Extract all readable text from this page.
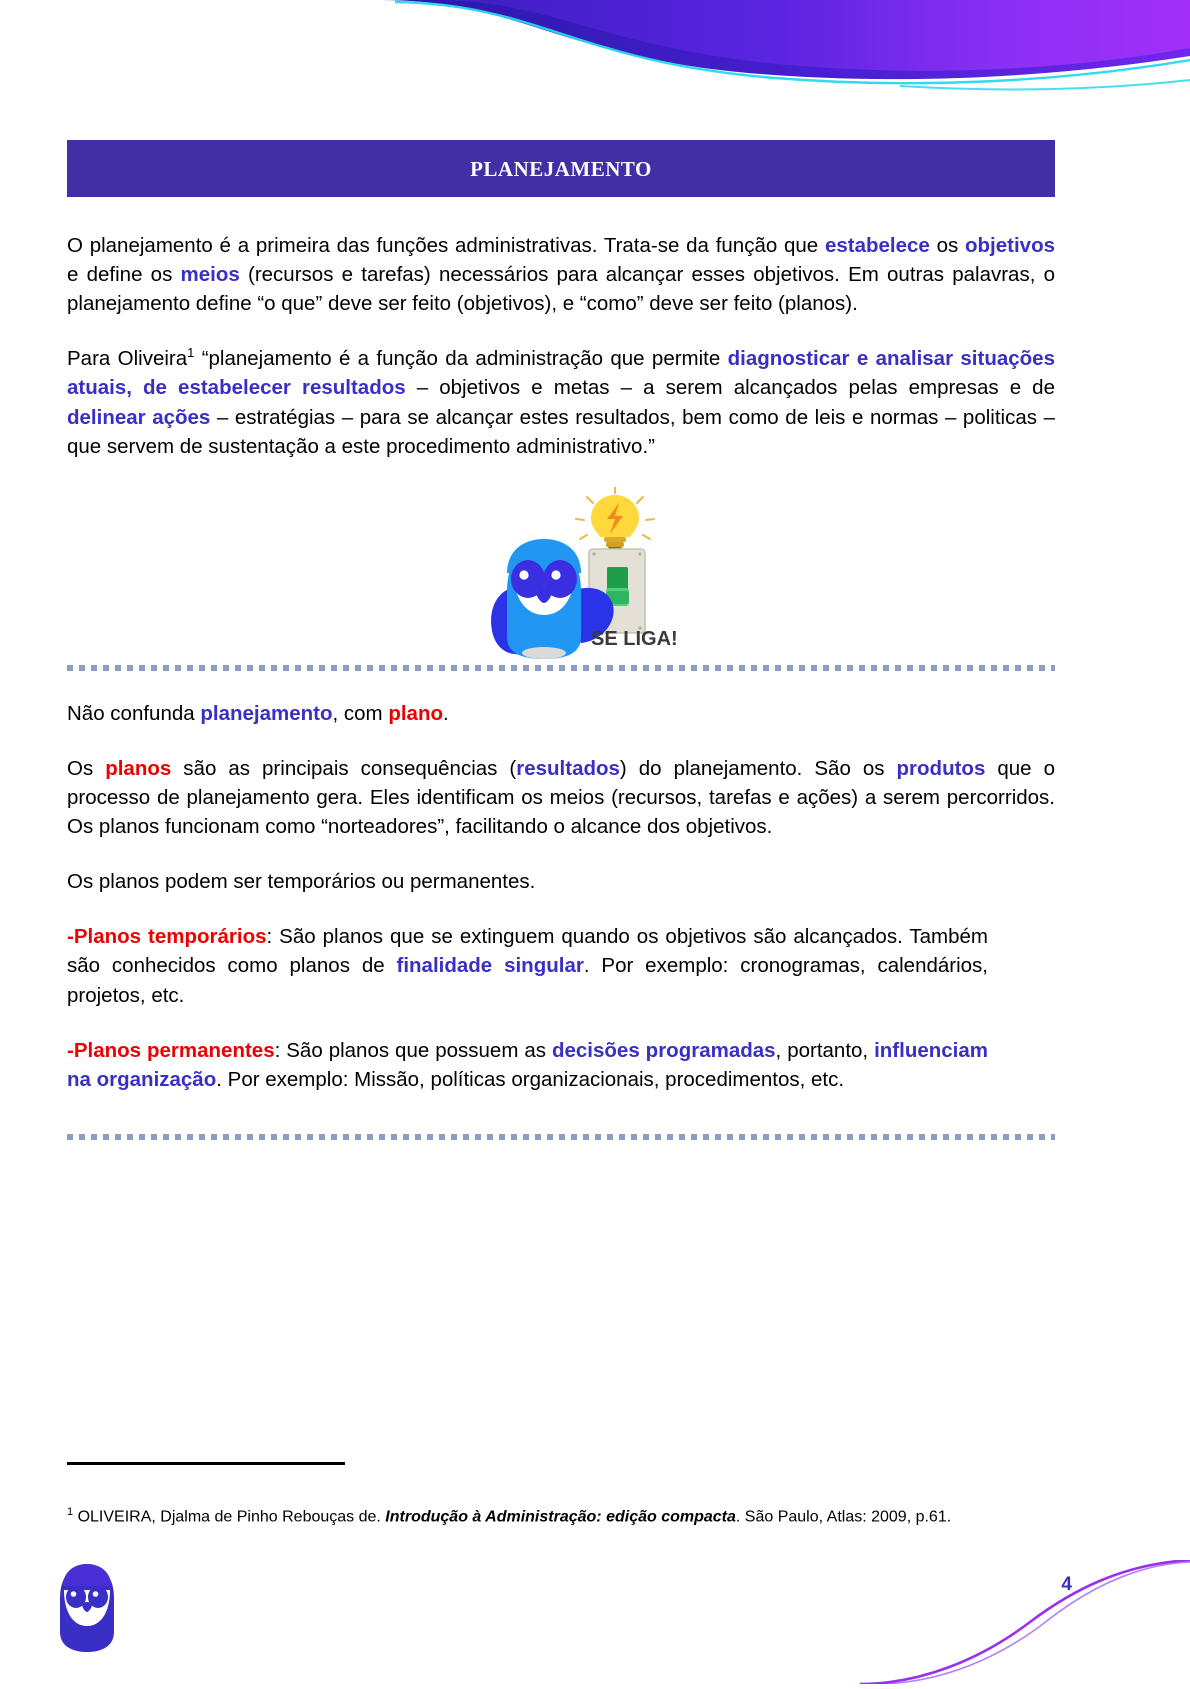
planejamento

O planejamento é a primeira das funções administrativas. Trata-se da função que estabelece os objetivos e define os meios (recursos e tarefas) necessários para alcançar esses objetivos. Em outras palavras, o planejamento define “o que” deve ser feito (objetivos), e “como” deve ser feito (planos).

Para Oliveira$^1$ “planejamento é a função da administração que permite diagnosticar e analisar situações atuais, de estabelecer resultados – objetivos e metas – a serem alcançados pelas empresas e de delinear ações – estratégias – para se alcançar estes resultados, bem como de leis e normas – politicas – que servem de sustentação a este procedimento administrativo.”

SE LIGA!

Não confunda planejamento, com plano.

Os planos são as principais consequências (resultados) do planejamento. São os produtos que o processo de planejamento gera. Eles identificam os meios (recursos, tarefas e ações) a serem percorridos. Os planos funcionam como “norteadores”, facilitando o alcance dos objetivos.

Os planos podem ser temporários ou permanentes.

-Planos temporários: São planos que se extinguem quando os objetivos são alcançados. Também são conhecidos como planos de finalidade singular. Por exemplo: cronogramas, calendários, projetos, etc.

-Planos permanentes: São planos que possuem as decisões programadas, portanto, influenciam na organização. Por exemplo: Missão, políticas organizacionais, procedimentos, etc.

$^1$ OLIVEIRA, Djalma de Pinho Rebouças de. Introdução à Administração: edição compacta. São Paulo, Atlas: 2009, p.61.
4
